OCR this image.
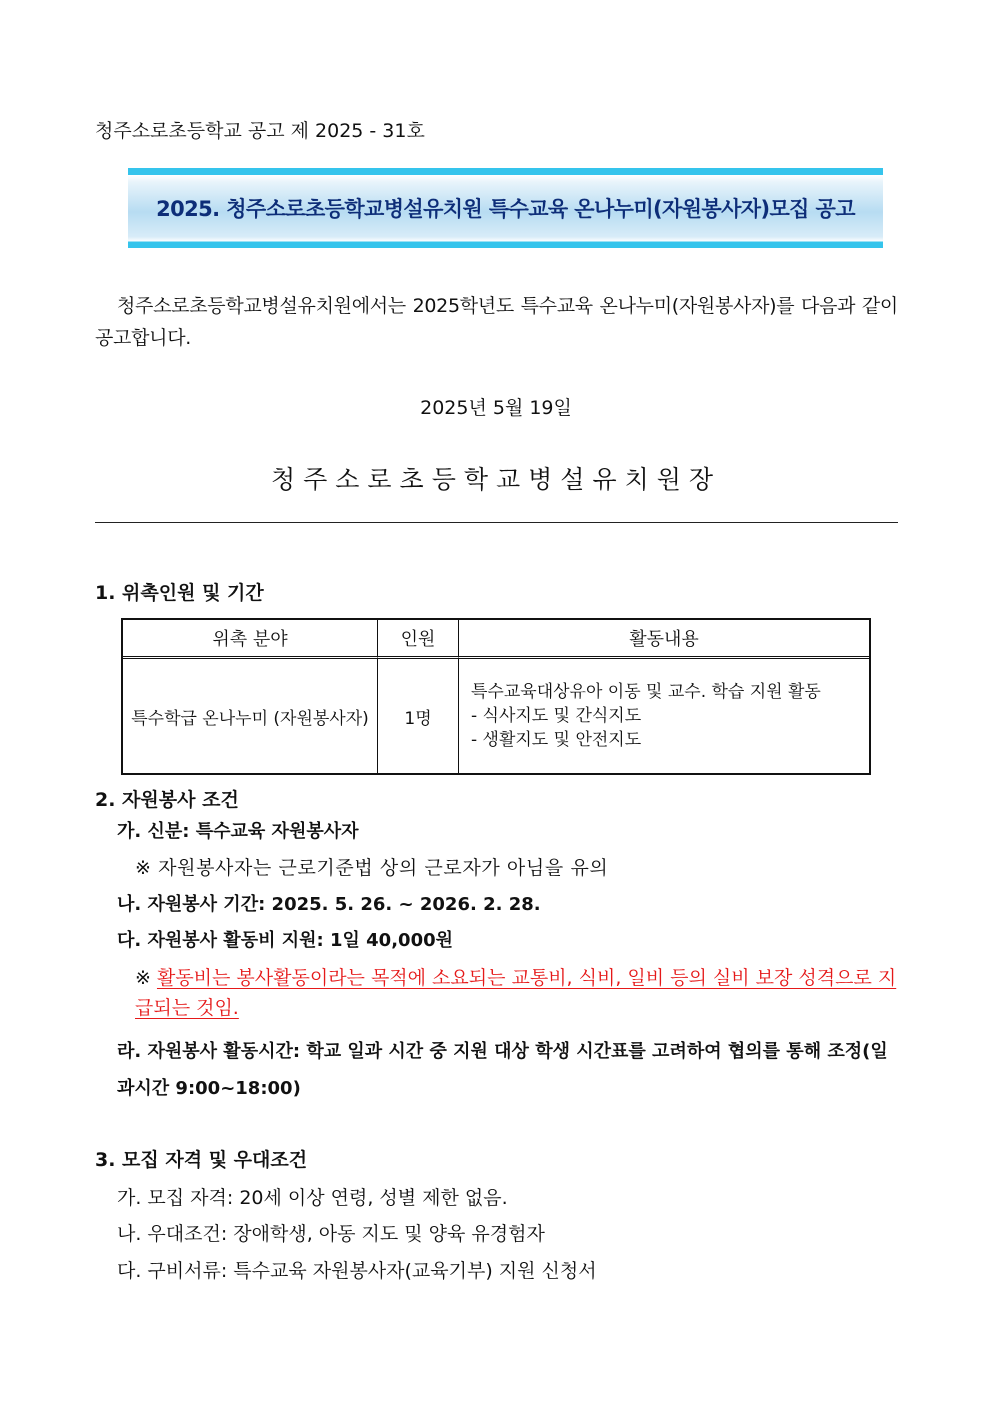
청주소로초등학교 공고 제 2025 - 31호
2025. 청주소로초등학교병설유치원 특수교육 온나누미(자원봉사자)모집 공고
청주소로초등학교병설유치원에서는 2025학년도 특수교육 온나누미(자원봉사자)를 다음과 같이 공고합니다.
2025년 5월 19일
청주소로초등학교병설유치원장
1. 위촉인원 및 기간
위촉 분야	인원	활동내용
특수학급 온나누미 (자원봉사자)	1명	특수교육대상유아 이동 및 교수. 학습 지원 활동
- 식사지도 및 간식지도
- 생활지도 및 안전지도
2. 자원봉사 조건
가. 신분: 특수교육 자원봉사자
※ 자원봉사자는 근로기준법 상의 근로자가 아님을 유의
나. 자원봉사 기간: 2025. 5. 26. ~ 2026. 2. 28.
다. 자원봉사 활동비 지원: 1일 40,000원
※ 활동비는 봉사활동이라는 목적에 소요되는 교통비, 식비, 일비 등의 실비 보장 성격으로 지급되는 것임.
라. 자원봉사 활동시간: 학교 일과 시간 중 지원 대상 학생 시간표를 고려하여 협의를 통해 조정(일과시간 9:00~18:00)
3. 모집 자격 및 우대조건
가. 모집 자격: 20세 이상 연령, 성별 제한 없음.
나. 우대조건: 장애학생, 아동 지도 및 양육 유경험자
다. 구비서류: 특수교육 자원봉사자(교육기부) 지원 신청서
